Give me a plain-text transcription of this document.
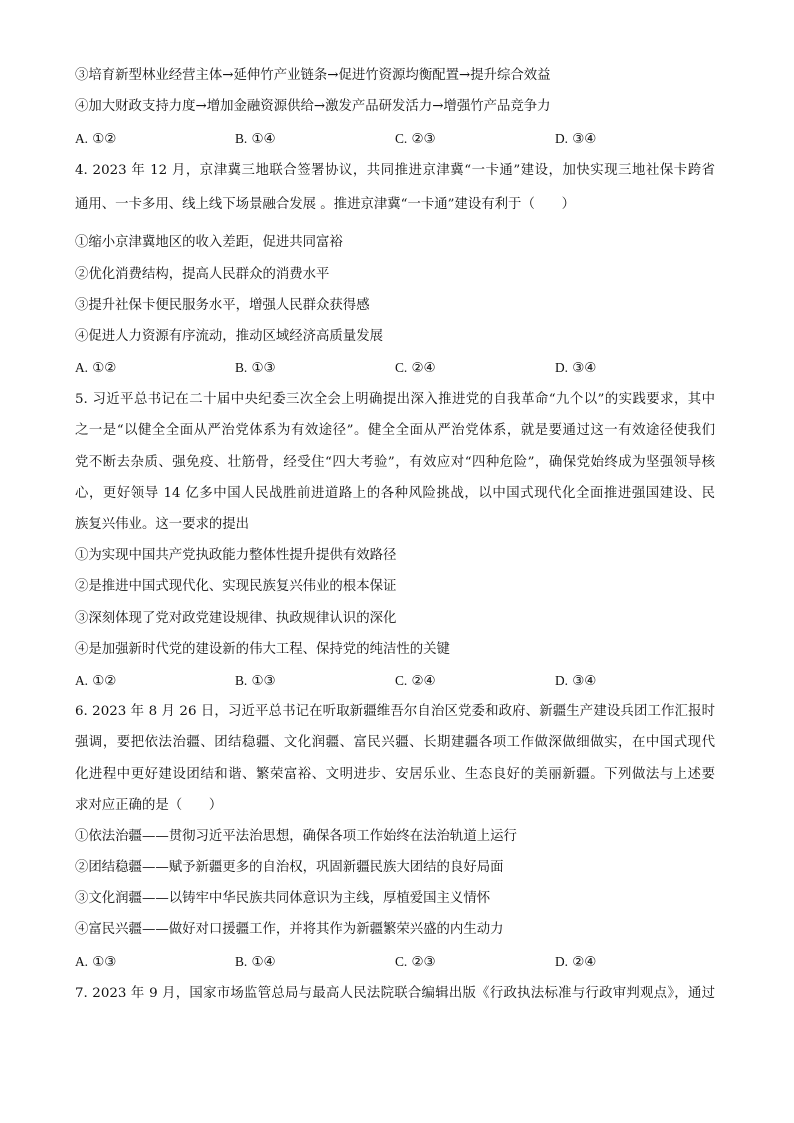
③培育新型林业经营主体→延伸竹产业链条→促进竹资源均衡配置→提升综合效益
④加大财政支持力度→增加金融资源供给→激发产品研发活力→增强竹产品竞争力
A. ①②	B. ①④	C. ②③	D. ③④
4. 2023 年 12 月，京津冀三地联合签署协议，共同推进京津冀“一卡通”建设，加快实现三地社保卡跨省
通用、一卡多用、线上线下场景融合发展 。推进京津冀“一卡通”建设有利于（　　）
①缩小京津冀地区的收入差距，促进共同富裕
②优化消费结构，提高人民群众的消费水平
③提升社保卡便民服务水平，增强人民群众获得感
④促进人力资源有序流动，推动区域经济高质量发展
A. ①②	B. ①③	C. ②④	D. ③④
5. 习近平总书记在二十届中央纪委三次全会上明确提出深入推进党的自我革命“九个以”的实践要求，其中
之一是“以健全全面从严治党体系为有效途径”。健全全面从严治党体系，就是要通过这一有效途径使我们
党不断去杂质、强免疫、壮筋骨，经受住“四大考验”，有效应对“四种危险”，确保党始终成为坚强领导核
心，更好领导 14 亿多中国人民战胜前进道路上的各种风险挑战，以中国式现代化全面推进强国建设、民
族复兴伟业。这一要求的提出
①为实现中国共产党执政能力整体性提升提供有效路径
②是推进中国式现代化、实现民族复兴伟业的根本保证
③深刻体现了党对政党建设规律、执政规律认识的深化
④是加强新时代党的建设新的伟大工程、保持党的纯洁性的关键
A. ①②	B. ①③	C. ②④	D. ③④
6. 2023 年 8 月 26 日，习近平总书记在听取新疆维吾尔自治区党委和政府、新疆生产建设兵团工作汇报时
强调，要把依法治疆、团结稳疆、文化润疆、富民兴疆、长期建疆各项工作做深做细做实，在中国式现代
化进程中更好建设团结和谐、繁荣富裕、文明进步、安居乐业、生态良好的美丽新疆。下列做法与上述要
求对应正确的是（　　）
①依法治疆——贯彻习近平法治思想，确保各项工作始终在法治轨道上运行
②团结稳疆——赋予新疆更多的自治权，巩固新疆民族大团结的良好局面
③文化润疆——以铸牢中华民族共同体意识为主线，厚植爱国主义情怀
④富民兴疆——做好对口援疆工作，并将其作为新疆繁荣兴盛的内生动力
A. ①③	B. ①④	C. ②③	D. ②④
7. 2023 年 9 月，国家市场监管总局与最高人民法院联合编辑出版《行政执法标准与行政审判观点》，通过
